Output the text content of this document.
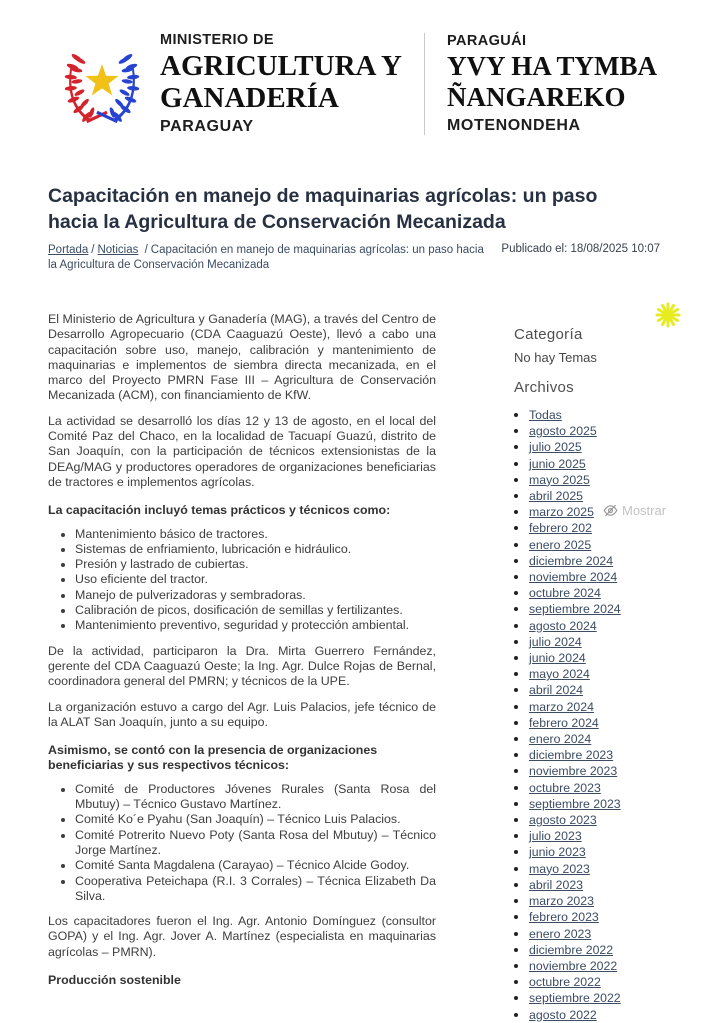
MINISTERIO DE
AGRICULTURA Y
GANADERÍA
PARAGUAY
PARAGUÁI
YVY HA TYMBA
ÑANGAREKO
MOTENONDEHA
Capacitación en manejo de maquinarias agrícolas: un paso hacia la Agricultura de Conservación Mecanizada
Portada / Noticias / Capacitación en manejo de maquinarias agrícolas: un paso hacia la Agricultura de Conservación Mecanizada
Publicado el: 18/08/2025 10:07

El Ministerio de Agricultura y Ganadería (MAG), a través del Centro de Desarrollo Agropecuario (CDA Caaguazú Oeste), llevó a cabo una capacitación sobre uso, manejo, calibración y mantenimiento de maquinarias e implementos de siembra directa mecanizada, en el marco del Proyecto PMRN Fase III – Agricultura de Conservación Mecanizada (ACM), con financiamiento de KfW.

La actividad se desarrolló los días 12 y 13 de agosto, en el local del Comité Paz del Chaco, en la localidad de Tacuapí Guazú, distrito de San Joaquín, con la participación de técnicos extensionistas de la DEAg/MAG y productores operadores de organizaciones beneficiarias de tractores e implementos agrícolas.

La capacitación incluyó temas prácticos y técnicos como:
• Mantenimiento básico de tractores.
• Sistemas de enfriamiento, lubricación e hidráulico.
• Presión y lastrado de cubiertas.
• Uso eficiente del tractor.
• Manejo de pulverizadoras y sembradoras.
• Calibración de picos, dosificación de semillas y fertilizantes.
• Mantenimiento preventivo, seguridad y protección ambiental.

De la actividad, participaron la Dra. Mirta Guerrero Fernández, gerente del CDA Caaguazú Oeste; la Ing. Agr. Dulce Rojas de Bernal, coordinadora general del PMRN; y técnicos de la UPE.

La organización estuvo a cargo del Agr. Luis Palacios, jefe técnico de la ALAT San Joaquín, junto a su equipo.

Asimismo, se contó con la presencia de organizaciones beneficiarias y sus respectivos técnicos:
• Comité de Productores Jóvenes Rurales (Santa Rosa del Mbutuy) – Técnico Gustavo Martínez.
• Comité Ko´e Pyahu (San Joaquín) – Técnico Luis Palacios.
• Comité Potrerito Nuevo Poty (Santa Rosa del Mbutuy) – Técnico Jorge Martínez.
• Comité Santa Magdalena (Carayao) – Técnico Alcide Godoy.
• Cooperativa Peteichapa (R.I. 3 Corrales) – Técnica Elizabeth Da Silva.

Los capacitadores fueron el Ing. Agr. Antonio Domínguez (consultor GOPA) y el Ing. Agr. Jover A. Martínez (especialista en maquinarias agrícolas – PMRN).

Producción sostenible
Categoría

No hay Temas

Archivos
• Todas
• agosto 2025
• julio 2025
• junio 2025
• mayo 2025
• abril 2025
• marzo 2025
• febrero 202
• enero 2025
• diciembre 2024
• noviembre 2024
• octubre 2024
• septiembre 2024
• agosto 2024
• julio 2024
• junio 2024
• mayo 2024
• abril 2024
• marzo 2024
• febrero 2024
• enero 2024
• diciembre 2023
• noviembre 2023
• octubre 2023
• septiembre 2023
• agosto 2023
• julio 2023
• junio 2023
• mayo 2023
• abril 2023
• marzo 2023
• febrero 2023
• enero 2023
• diciembre 2022
• noviembre 2022
• octubre 2022
• septiembre 2022
• agosto 2022
Mostrar
